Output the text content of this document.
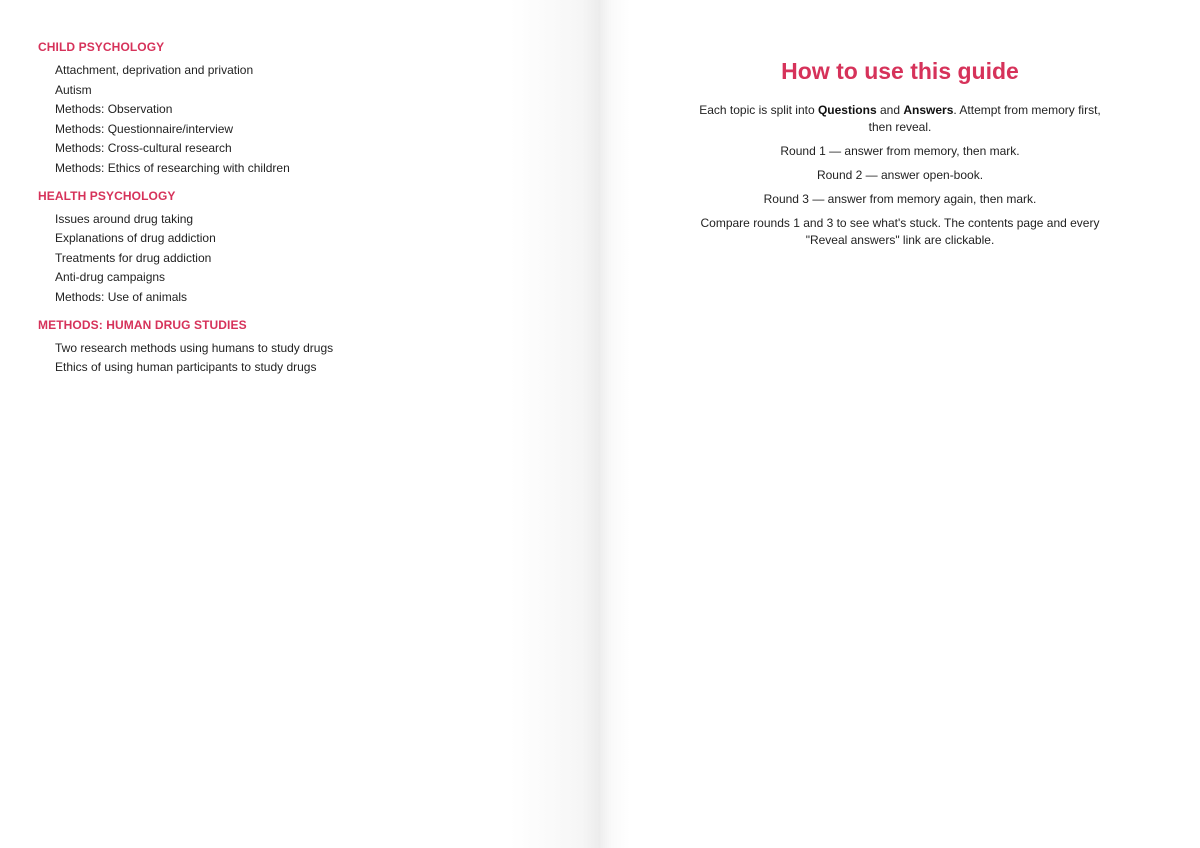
CHILD PSYCHOLOGY
Attachment, deprivation and privation
Autism
Methods: Observation
Methods: Questionnaire/interview
Methods: Cross-cultural research
Methods: Ethics of researching with children
HEALTH PSYCHOLOGY
Issues around drug taking
Explanations of drug addiction
Treatments for drug addiction
Anti-drug campaigns
Methods: Use of animals
METHODS: HUMAN DRUG STUDIES
Two research methods using humans to study drugs
Ethics of using human participants to study drugs
How to use this guide

Each topic is split into Questions and Answers. Attempt from memory first, then reveal.

Round 1 — answer from memory, then mark.

Round 2 — answer open-book.

Round 3 — answer from memory again, then mark.

Compare rounds 1 and 3 to see what's stuck. The contents page and every "Reveal answers" link are clickable.
